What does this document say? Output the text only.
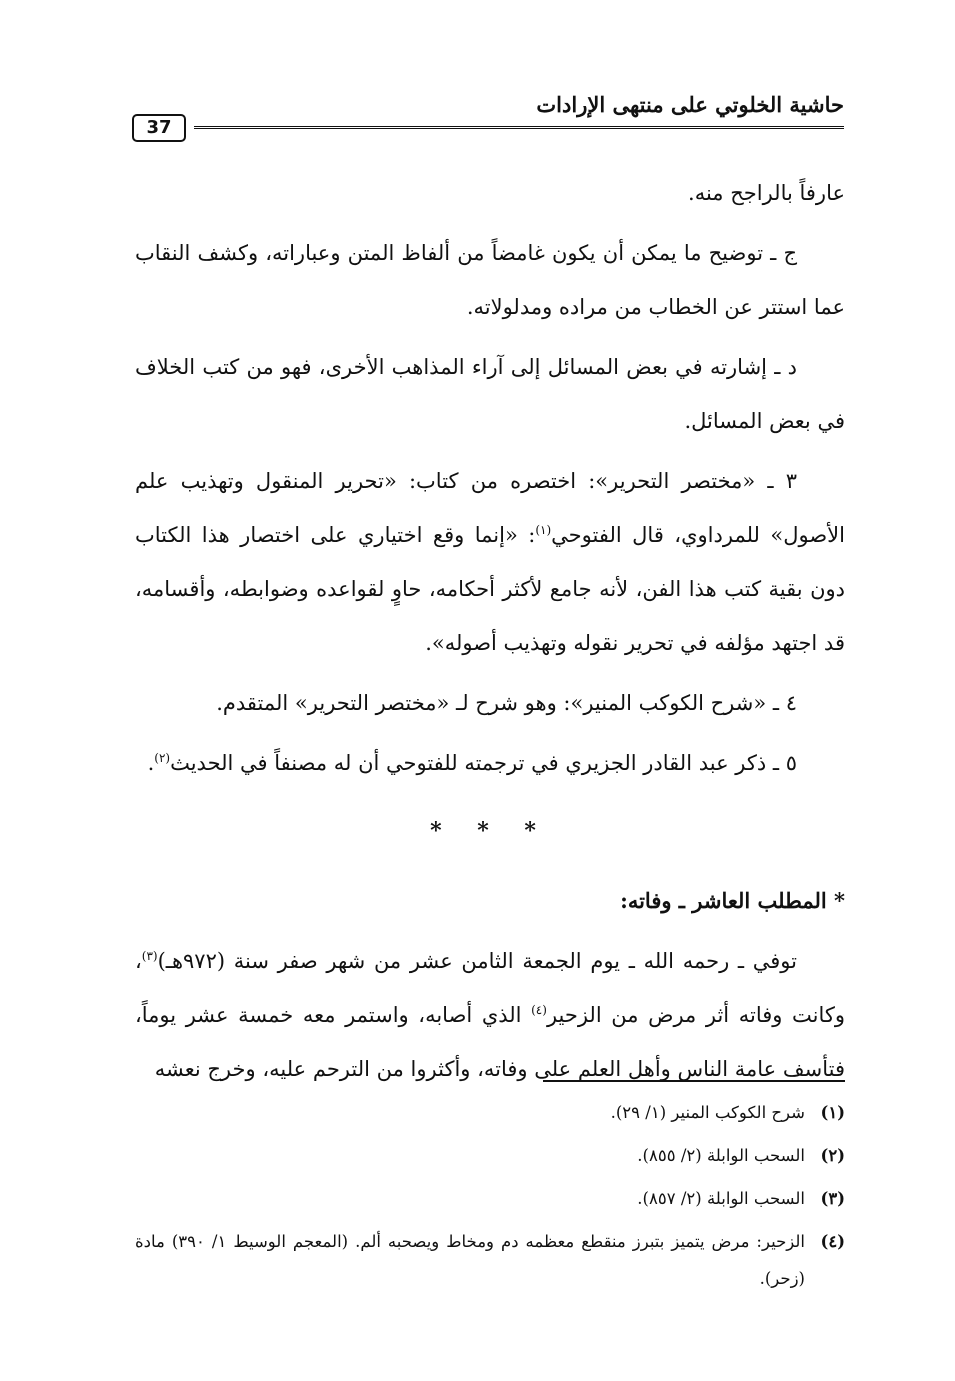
حاشية الخلوتي على منتهى الإرادات
37

عارفاً بالراجح منه.

ج ـ توضيح ما يمكن أن يكون غامضاً من ألفاظ المتن وعباراته، وكشف النقاب عما استتر عن الخطاب من مراده ومدلولاته.

د ـ إشارته في بعض المسائل إلى آراء المذاهب الأخرى، فهو من كتب الخلاف في بعض المسائل.

٣ ـ «مختصر التحرير»: اختصره من كتاب: «تحرير المنقول وتهذيب علم الأصول» للمرداوي، قال الفتوحي$^{(١)}$: «إنما وقع اختياري على اختصار هذا الكتاب دون بقية كتب هذا الفن، لأنه جامع لأكثر أحكامه، حاوٍ لقواعده وضوابطه، وأقسامه، قد اجتهد مؤلفه في تحرير نقوله وتهذيب أصوله».

٤ ـ «شرح الكوكب المنير»: وهو شرح لـ «مختصر التحرير» المتقدم.

٥ ـ ذكر عبد القادر الجزيري في ترجمته للفتوحي أن له مصنفاً في الحديث$^{(٢)}$.

* * *

* المطلب العاشر ـ وفاته:

توفي ـ رحمه الله ـ يوم الجمعة الثامن عشر من شهر صفر سنة (٩٧٢هـ)$^{(٣)}$، وكانت وفاته أثر مرض من الزحير$^{(٤)}$ الذي أصابه، واستمر معه خمسة عشر يوماً، فتأسف عامة الناس وأهل العلم على وفاته، وأكثروا من الترحم عليه، وخرج نعشه

(١)
شرح الكوكب المنير (١/ ٢٩).
(٢)
السحب الوابلة (٢/ ٨٥٥).
(٣)
السحب الوابلة (٢/ ٨٥٧).
(٤)
الزحير: مرض يتميز بتبرز منقطع معظمه دم ومخاط ويصحبه ألم. (المعجم الوسيط ١/ ٣٩٠) مادة (زحر).
